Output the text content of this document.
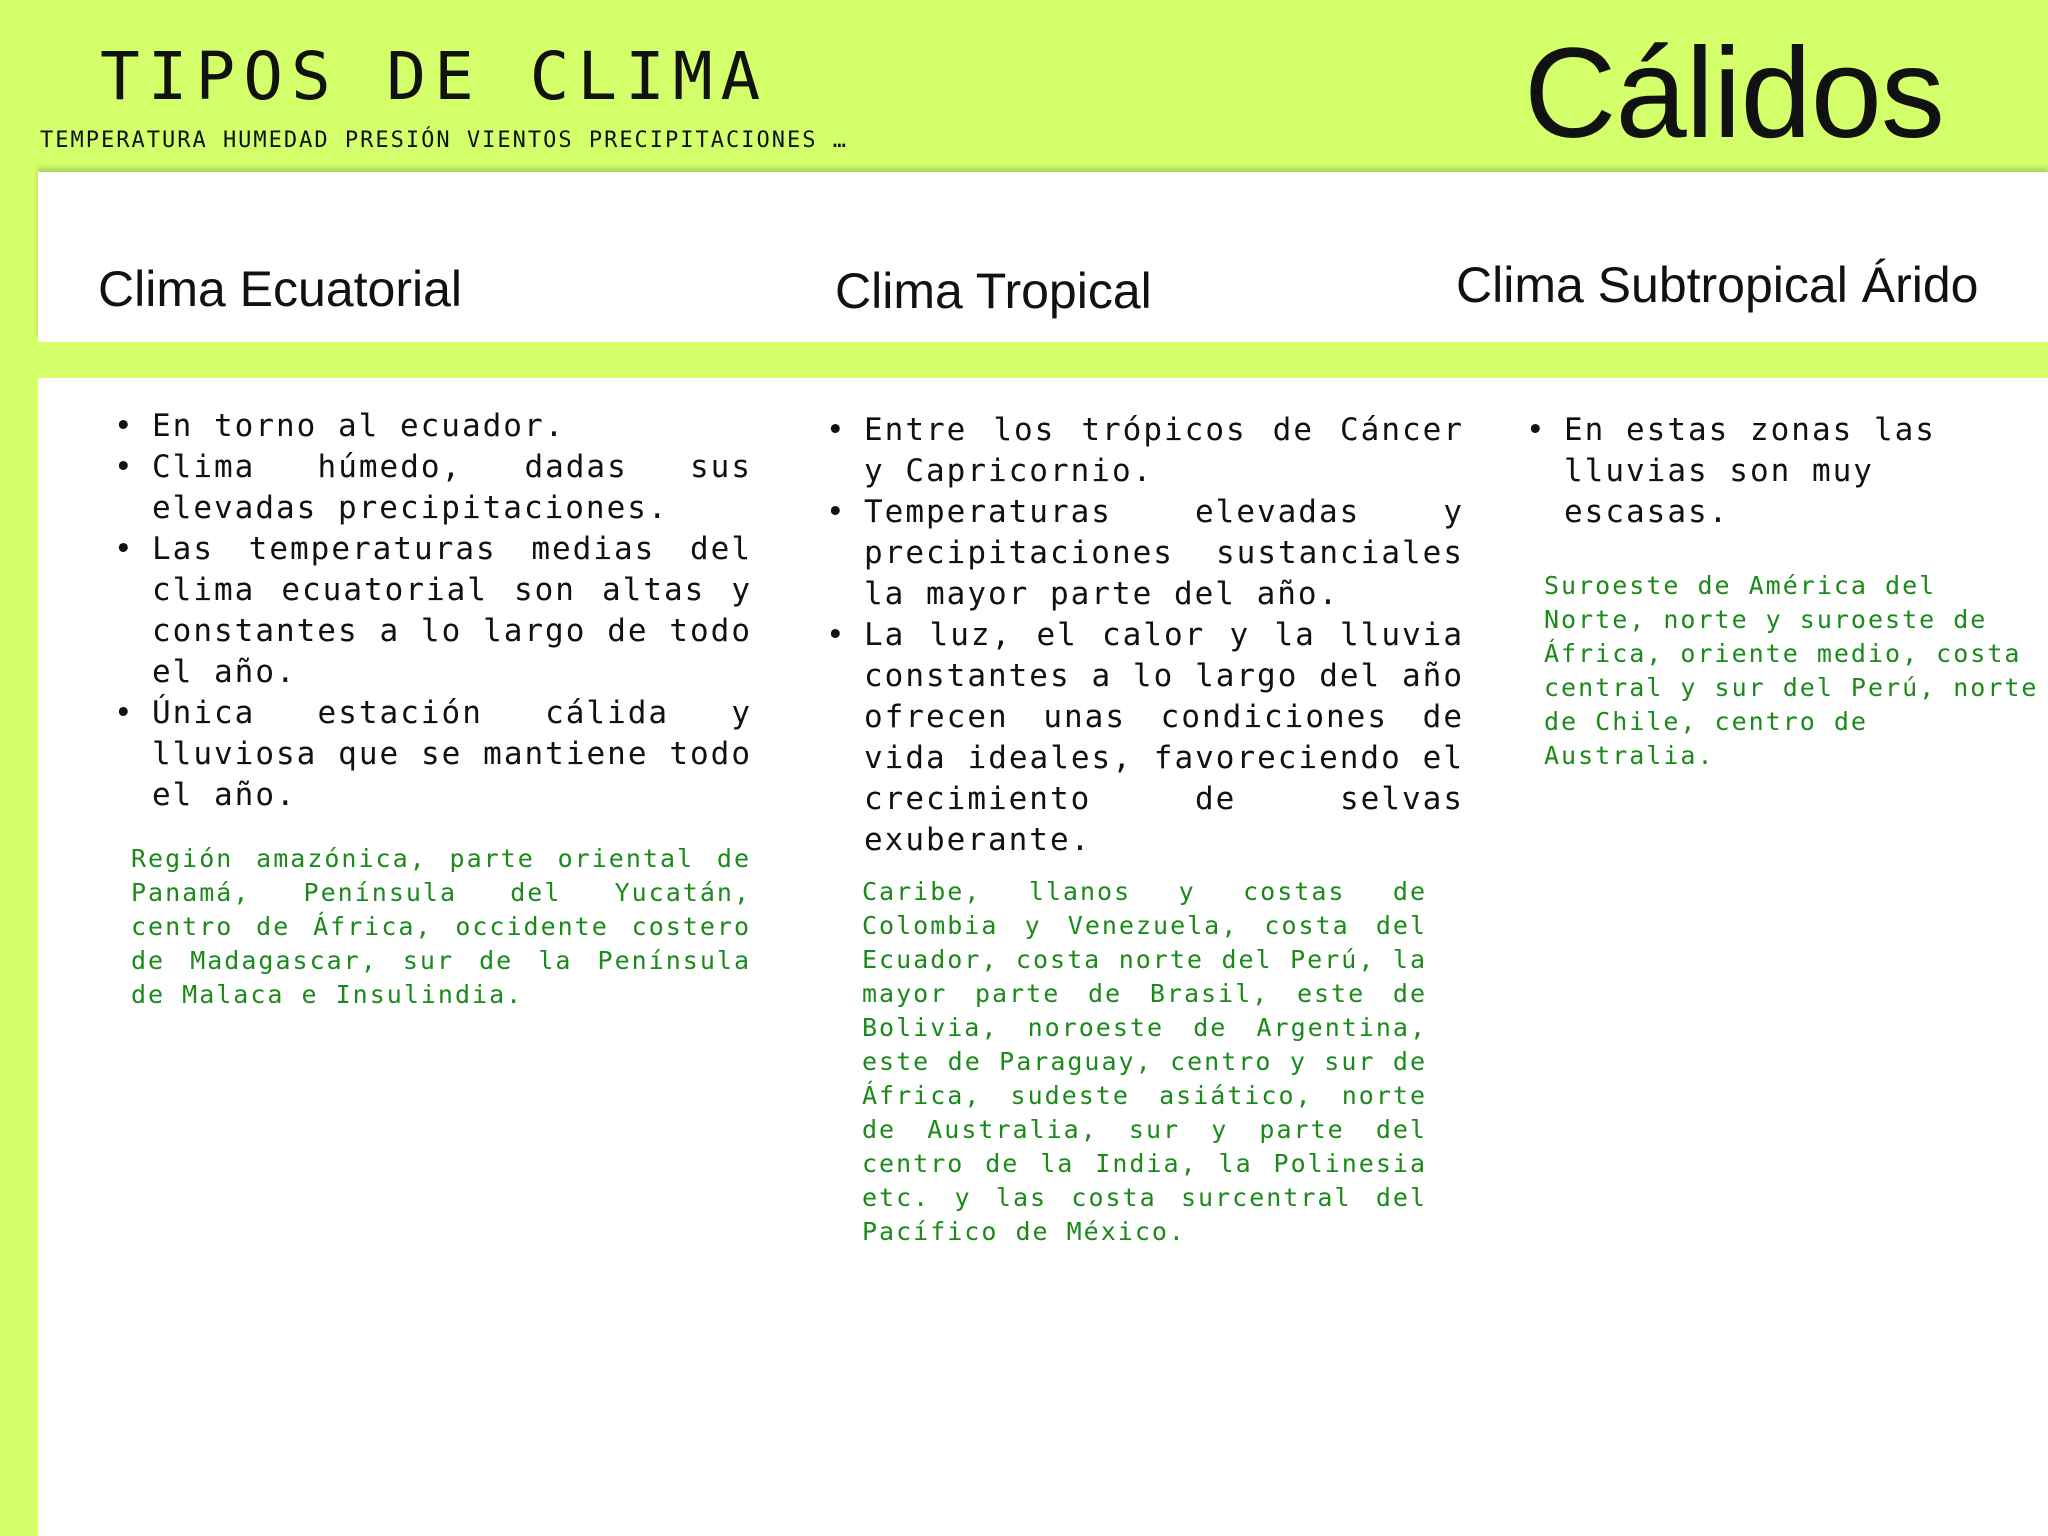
TIPOS DE CLIMA

TEMPERATURA HUMEDAD PRESIÓN VIENTOS PRECIPITACIONES …	Cálidos
Clima Ecuatorial	Clima Tropical	Clima Subtropical Árido
• En torno al ecuador.
• Clima húmedo, dadas sus elevadas precipitaciones.
• Las temperaturas medias del clima ecuatorial son altas y constantes a lo largo de todo el año.
• Única estación cálida y lluviosa que se mantiene todo el año.

Región amazónica, parte oriental de Panamá, Península del Yucatán, centro de África, occidente costero de Madagascar, sur de la Península de Malaca e Insulindia.

• Entre los trópicos de Cáncer y Capricornio.
• Temperaturas elevadas y precipitaciones sustanciales la mayor parte del año.
• La luz, el calor y la lluvia constantes a lo largo del año ofrecen unas condiciones de vida ideales, favoreciendo el crecimiento de selvas exuberante.

Caribe, llanos y costas de Colombia y Venezuela, costa del Ecuador, costa norte del Perú, la mayor parte de Brasil, este de Bolivia, noroeste de Argentina, este de Paraguay, centro y sur de África, sudeste asiático, norte de Australia, sur y parte del centro de la India, la Polinesia etc. y las costa surcentral del Pacífico de México.

• En estas zonas las lluvias son muy escasas.

Suroeste de América del Norte, norte y suroeste de África, oriente medio, costa central y sur del Perú, norte de Chile, centro de Australia.
